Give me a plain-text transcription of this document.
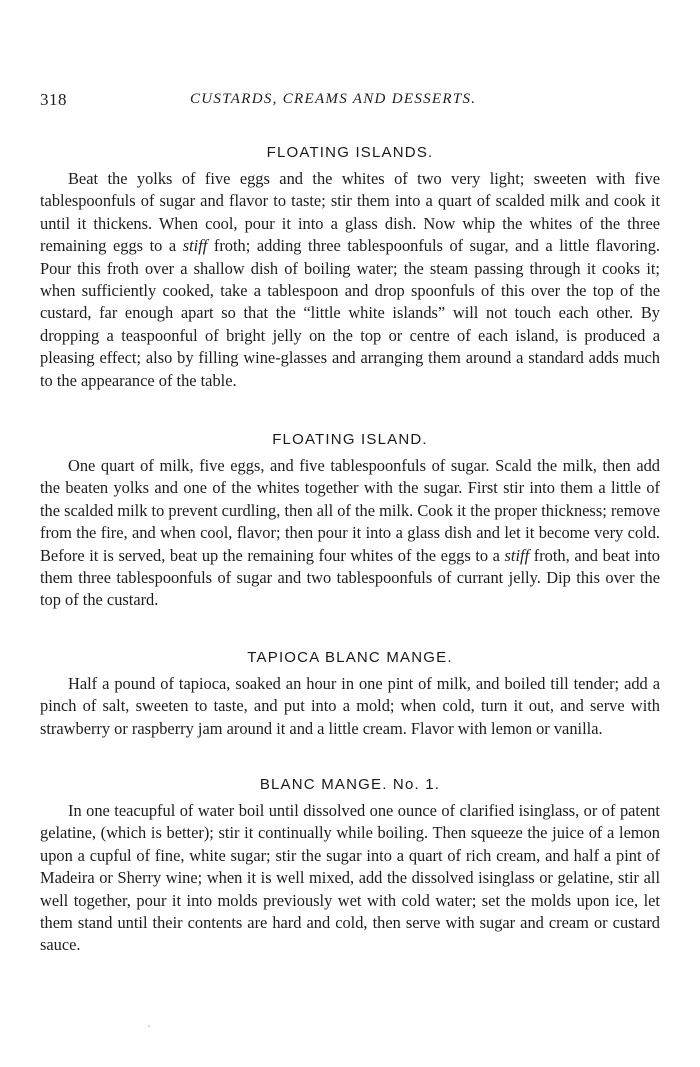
318	CUSTARDS, CREAMS AND DESSERTS.
FLOATING ISLANDS.

Beat the yolks of five eggs and the whites of two very light; sweeten with five tablespoonfuls of sugar and flavor to taste; stir them into a quart of scalded milk and cook it until it thickens. When cool, pour it into a glass dish. Now whip the whites of the three remaining eggs to a stiff froth; adding three tablespoonfuls of sugar, and a little flavoring. Pour this froth over a shallow dish of boiling water; the steam passing through it cooks it; when sufficiently cooked, take a tablespoon and drop spoonfuls of this over the top of the custard, far enough apart so that the “little white islands” will not touch each other. By dropping a teaspoonful of bright jelly on the top or centre of each island, is produced a pleasing effect; also by filling wine-glasses and arranging them around a standard adds much to the appearance of the table.

FLOATING ISLAND.

One quart of milk, five eggs, and five tablespoonfuls of sugar. Scald the milk, then add the beaten yolks and one of the whites together with the sugar. First stir into them a little of the scalded milk to prevent curdling, then all of the milk. Cook it the proper thickness; remove from the fire, and when cool, flavor; then pour it into a glass dish and let it become very cold. Before it is served, beat up the remaining four whites of the eggs to a stiff froth, and beat into them three tablespoonfuls of sugar and two tablespoonfuls of currant jelly. Dip this over the top of the custard.

TAPIOCA BLANC MANGE.

Half a pound of tapioca, soaked an hour in one pint of milk, and boiled till tender; add a pinch of salt, sweeten to taste, and put into a mold; when cold, turn it out, and serve with strawberry or raspberry jam around it and a little cream. Flavor with lemon or vanilla.

BLANC MANGE. No. 1.

In one teacupful of water boil until dissolved one ounce of clarified isinglass, or of patent gelatine, (which is better); stir it continually while boiling. Then squeeze the juice of a lemon upon a cupful of fine, white sugar; stir the sugar into a quart of rich cream, and half a pint of Madeira or Sherry wine; when it is well mixed, add the dissolved isinglass or gelatine, stir all well together, pour it into molds previously wet with cold water; set the molds upon ice, let them stand until their contents are hard and cold, then serve with sugar and cream or custard sauce.
